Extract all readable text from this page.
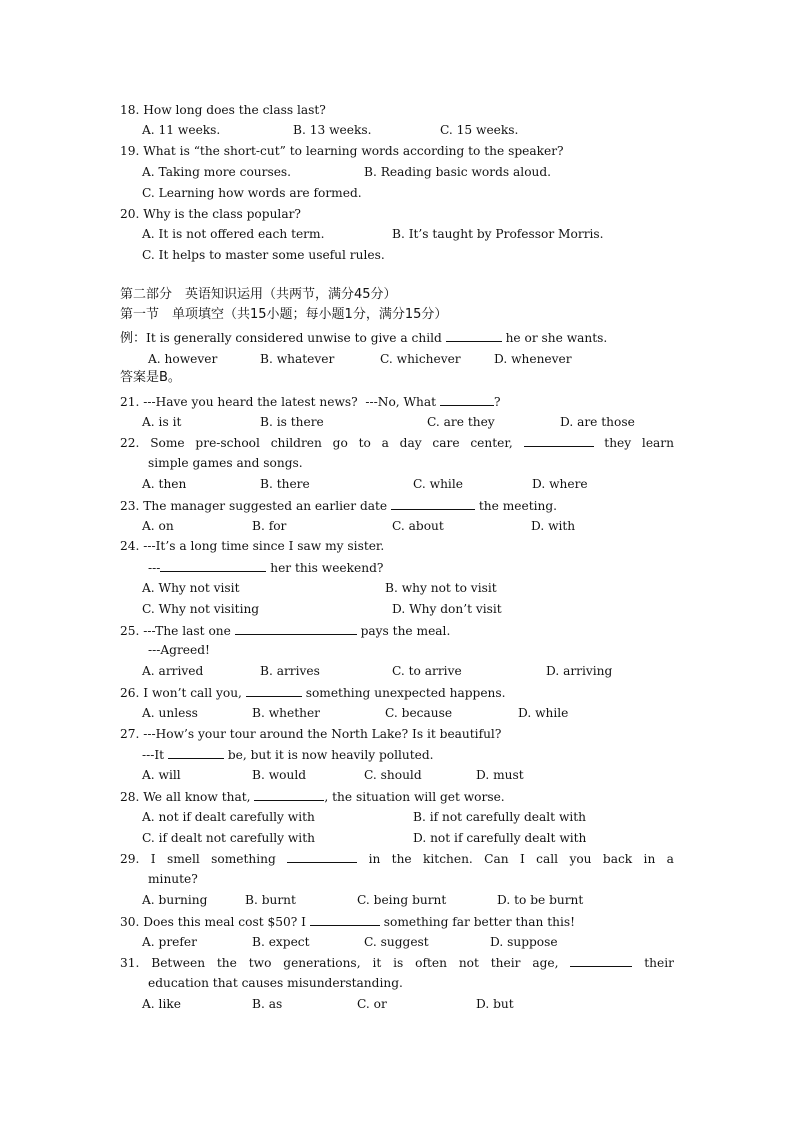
18. How long does the class last?
A. 11 weeks.	B. 13 weeks.	C. 15 weeks.
19. What is “the short-cut” to learning words according to the speaker?
A. Taking more courses.	B. Reading basic words aloud.
C. Learning how words are formed.
20. Why is the class popular?
A. It is not offered each term.	B. It’s taught by Professor Morris.
C. It helps to master some useful rules.
第二部分　英语知识运用（共两节，满分45分）
第一节　单项填空（共15小题；每小题1分，满分15分）
例：It is generally considered unwise to give a child	he or she wants.
A. however	B. whatever	C. whichever	D. whenever
答案是B。
21. ---Have you heard the latest news?  ---No, What	?
A. is it	B. is there	C. are they	D. are those
22. Some pre-school children go to a day care center,	they learn
simple games and songs.
A. then	B. there	C. while	D. where
23. The manager suggested an earlier date	the meeting.
A. on	B. for	C. about	D. with
24. ---It’s a long time since I saw my sister.
---	her this weekend?
A. Why not visit	B. why not to visit
C. Why not visiting	D. Why don’t visit
25. ---The last one	pays the meal.
---Agreed!
A. arrived	B. arrives	C. to arrive	D. arriving
26. I won’t call you,	something unexpected happens.
A. unless	B. whether	C. because	D. while
27. ---How’s your tour around the North Lake? Is it beautiful?
---It	be, but it is now heavily polluted.
A. will	B. would	C. should	D. must
28. We all know that,	, the situation will get worse.
A. not if dealt carefully with	B. if not carefully dealt with
C. if dealt not carefully with	D. not if carefully dealt with
29. I smell something	in the kitchen. Can I call you back in a
minute?
A. burning	B. burnt	C. being burnt	D. to be burnt
30. Does this meal cost $50? I	something far better than this!
A. prefer	B. expect	C. suggest	D. suppose
31. Between the two generations, it is often not their age,	their
education that causes misunderstanding.
A. like	B. as	C. or	D. but
